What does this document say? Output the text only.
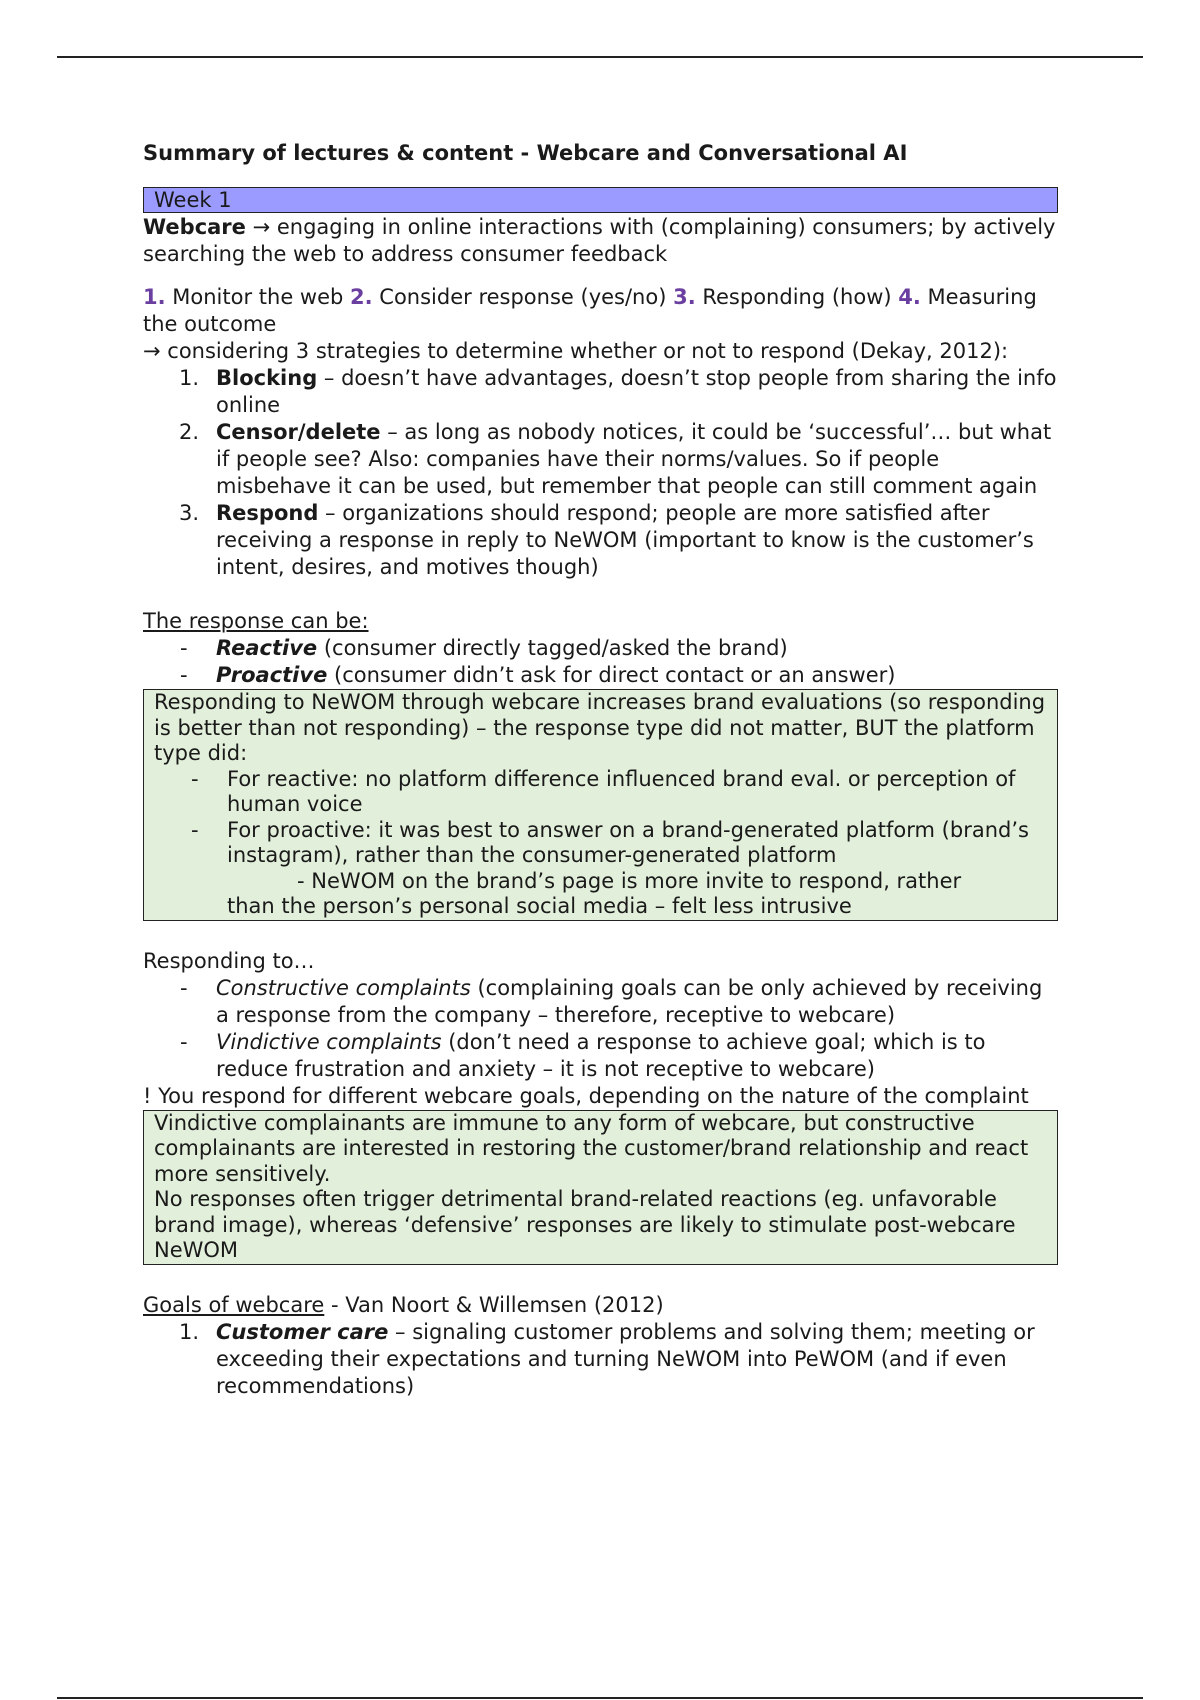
Summary of lectures & content - Webcare and Conversational AI
Week 1

Webcare → engaging in online interactions with (complaining) consumers; by actively searching the web to address consumer feedback

1. Monitor the web 2. Consider response (yes/no) 3. Responding (how) 4. Measuring the outcome

→ considering 3 strategies to determine whether or not to respond (Dekay, 2012):

1. Blocking – doesn’t have advantages, doesn’t stop people from sharing the info online
2. Censor/delete – as long as nobody notices, it could be ‘successful’… but what if people see? Also: companies have their norms/values. So if people misbehave it can be used, but remember that people can still comment again
3. Respond – organizations should respond; people are more satisfied after receiving a response in reply to NeWOM (important to know is the customer’s intent, desires, and motives though)

The response can be:

- Reactive (consumer directly tagged/asked the brand)
- Proactive (consumer didn’t ask for direct contact or an answer)

Responding to NeWOM through webcare increases brand evaluations (so responding is better than not responding) – the response type did not matter, BUT the platform type did:

- For reactive: no platform difference influenced brand eval. or perception of human voice
- For proactive: it was best to answer on a brand-generated platform (brand’s instagram), rather than the consumer-generated platform

- NeWOM on the brand’s page is more invite to respond, rather

than the person’s personal social media – felt less intrusive

Responding to…

- Constructive complaints (complaining goals can be only achieved by receiving a response from the company – therefore, receptive to webcare)
- Vindictive complaints (don’t need a response to achieve goal; which is to reduce frustration and anxiety – it is not receptive to webcare)

! You respond for different webcare goals, depending on the nature of the complaint

Vindictive complainants are immune to any form of webcare, but constructive complainants are interested in restoring the customer/brand relationship and react more sensitively.

No responses often trigger detrimental brand-related reactions (eg. unfavorable brand image), whereas ‘defensive’ responses are likely to stimulate post-webcare NeWOM

Goals of webcare - Van Noort & Willemsen (2012)

1. Customer care – signaling customer problems and solving them; meeting or exceeding their expectations and turning NeWOM into PeWOM (and if even recommendations)
